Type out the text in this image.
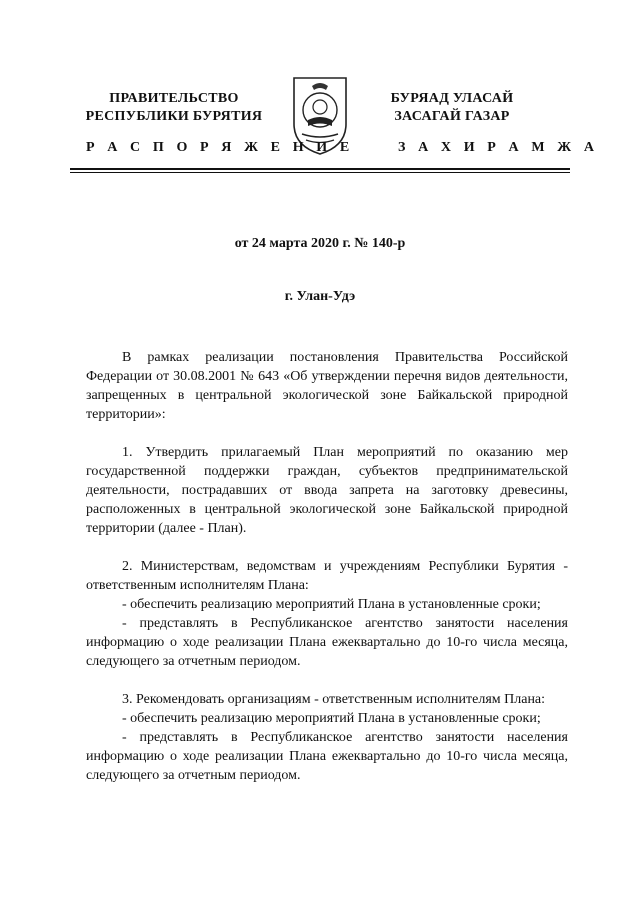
ПРАВИТЕЛЬСТВО
РЕСПУБЛИКИ БУРЯТИЯ
БУРЯАД УЛАСАЙ
ЗАСАГАЙ ГАЗАР
Р А С П О Р Я Ж Е Н И Е	З А Х И Р А М Ж А
от 24 марта 2020 г. № 140-р
г. Улан-Удэ

В рамках реализации постановления Правительства Российской Федерации от 30.08.2001 № 643 «Об утверждении перечня видов деятельности, запрещенных в центральной экологической зоне Байкальской природной территории»:

1. Утвердить прилагаемый План мероприятий по оказанию мер государственной поддержки граждан, субъектов предпринимательской деятельности, пострадавших от ввода запрета на заготовку древесины, расположенных в центральной экологической зоне Байкальской природной территории (далее - План).

2. Министерствам, ведомствам и учреждениям Республики Бурятия - ответственным исполнителям Плана:

- обеспечить реализацию мероприятий Плана в установленные сроки;

- представлять в Республиканское агентство занятости населения информацию о ходе реализации Плана ежеквартально до 10-го числа месяца, следующего за отчетным периодом.

3. Рекомендовать организациям - ответственным исполнителям Плана:

- обеспечить реализацию мероприятий Плана в установленные сроки;

- представлять в Республиканское агентство занятости населения информацию о ходе реализации Плана ежеквартально до 10-го числа месяца, следующего за отчетным периодом.
